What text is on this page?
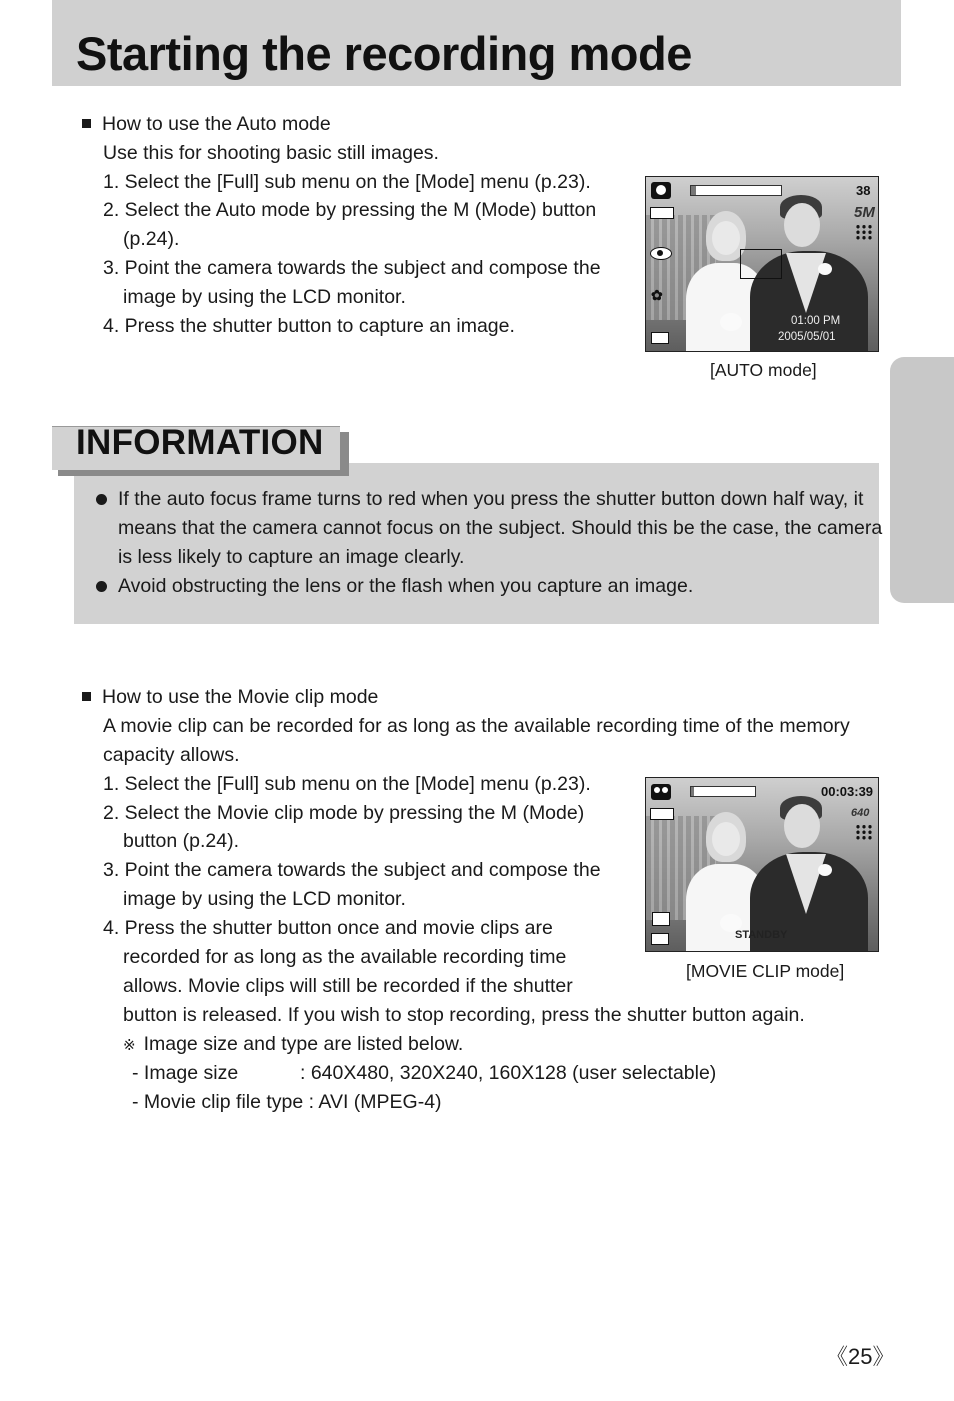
Starting the recording mode
How to use the Auto mode
Use this for shooting basic still images.
1. Select the [Full] sub menu on the [Mode] menu (p.23).
2. Select the Auto mode by pressing the M (Mode) button
(p.24).
3. Point the camera towards the subject and compose the
image by using the LCD monitor.
4. Press the shutter button to capture an image.
38
5M
✿
01:00 PM
2005/05/01
[AUTO mode]
If the auto focus frame turns to red when you press the shutter button down half way, it
means that the camera cannot focus on the subject. Should this be the case, the camera
is less likely to capture an image clearly.
Avoid obstructing the lens or the flash when you capture an image.
INFORMATION
How to use the Movie clip mode
A movie clip can be recorded for as long as the available recording time of the memory
capacity allows.
1. Select the [Full] sub menu on the [Mode] menu (p.23).
2. Select the Movie clip mode by pressing the M (Mode)
button (p.24).
3. Point the camera towards the subject and compose the
image by using the LCD monitor.
4. Press the shutter button once and movie clips are
recorded for as long as the available recording time
allows. Movie clips will still be recorded if the shutter
button is released. If you wish to stop recording, press the shutter button again.
※ Image size and type are listed below.
- Image size	: 640X480, 320X240, 160X128 (user selectable)
- Movie clip file type : AVI (MPEG-4)
00:03:39
640
STANDBY
[MOVIE CLIP mode]
《25》
